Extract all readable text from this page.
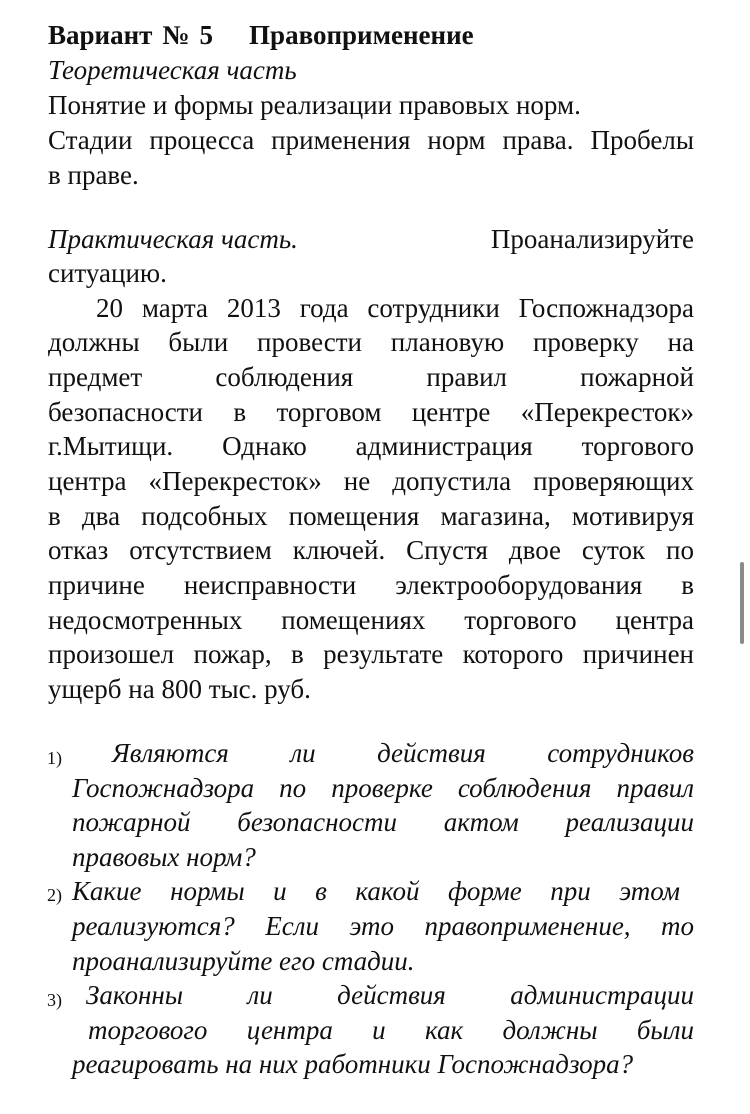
Вариант № 5 Правоприменение
Теоретическая часть
Понятие и формы реализации правовых норм.
Стадии процесса применения норм права. Пробелы
в праве.
Практическая часть.	Проанализируйте
ситуацию.
20 марта 2013 года сотрудники Госпожнадзора
должны были провести плановую проверку на
предмет соблюдения правил пожарной
безопасности в торговом центре «Перекресток»
г.Мытищи. Однако администрация торгового
центра «Перекресток» не допустила проверяющих
в два подсобных помещения магазина, мотивируя
отказ отсутствием ключей. Спустя двое суток по
причине неисправности электрооборудования в
недосмотренных помещениях торгового центра
произошел пожар, в результате которого причинен
ущерб на 800 тыс. руб.
1) Являются ли действия сотрудников
Госпожнадзора по проверке соблюдения правил
пожарной безопасности актом реализации
правовых норм?
2) Какие нормы и в какой форме при этом
реализуются? Если это правоприменение, то
проанализируйте его стадии.
3) Законны ли действия администрации
торгового центра и как должны были
реагировать на них работники Госпожнадзора?
